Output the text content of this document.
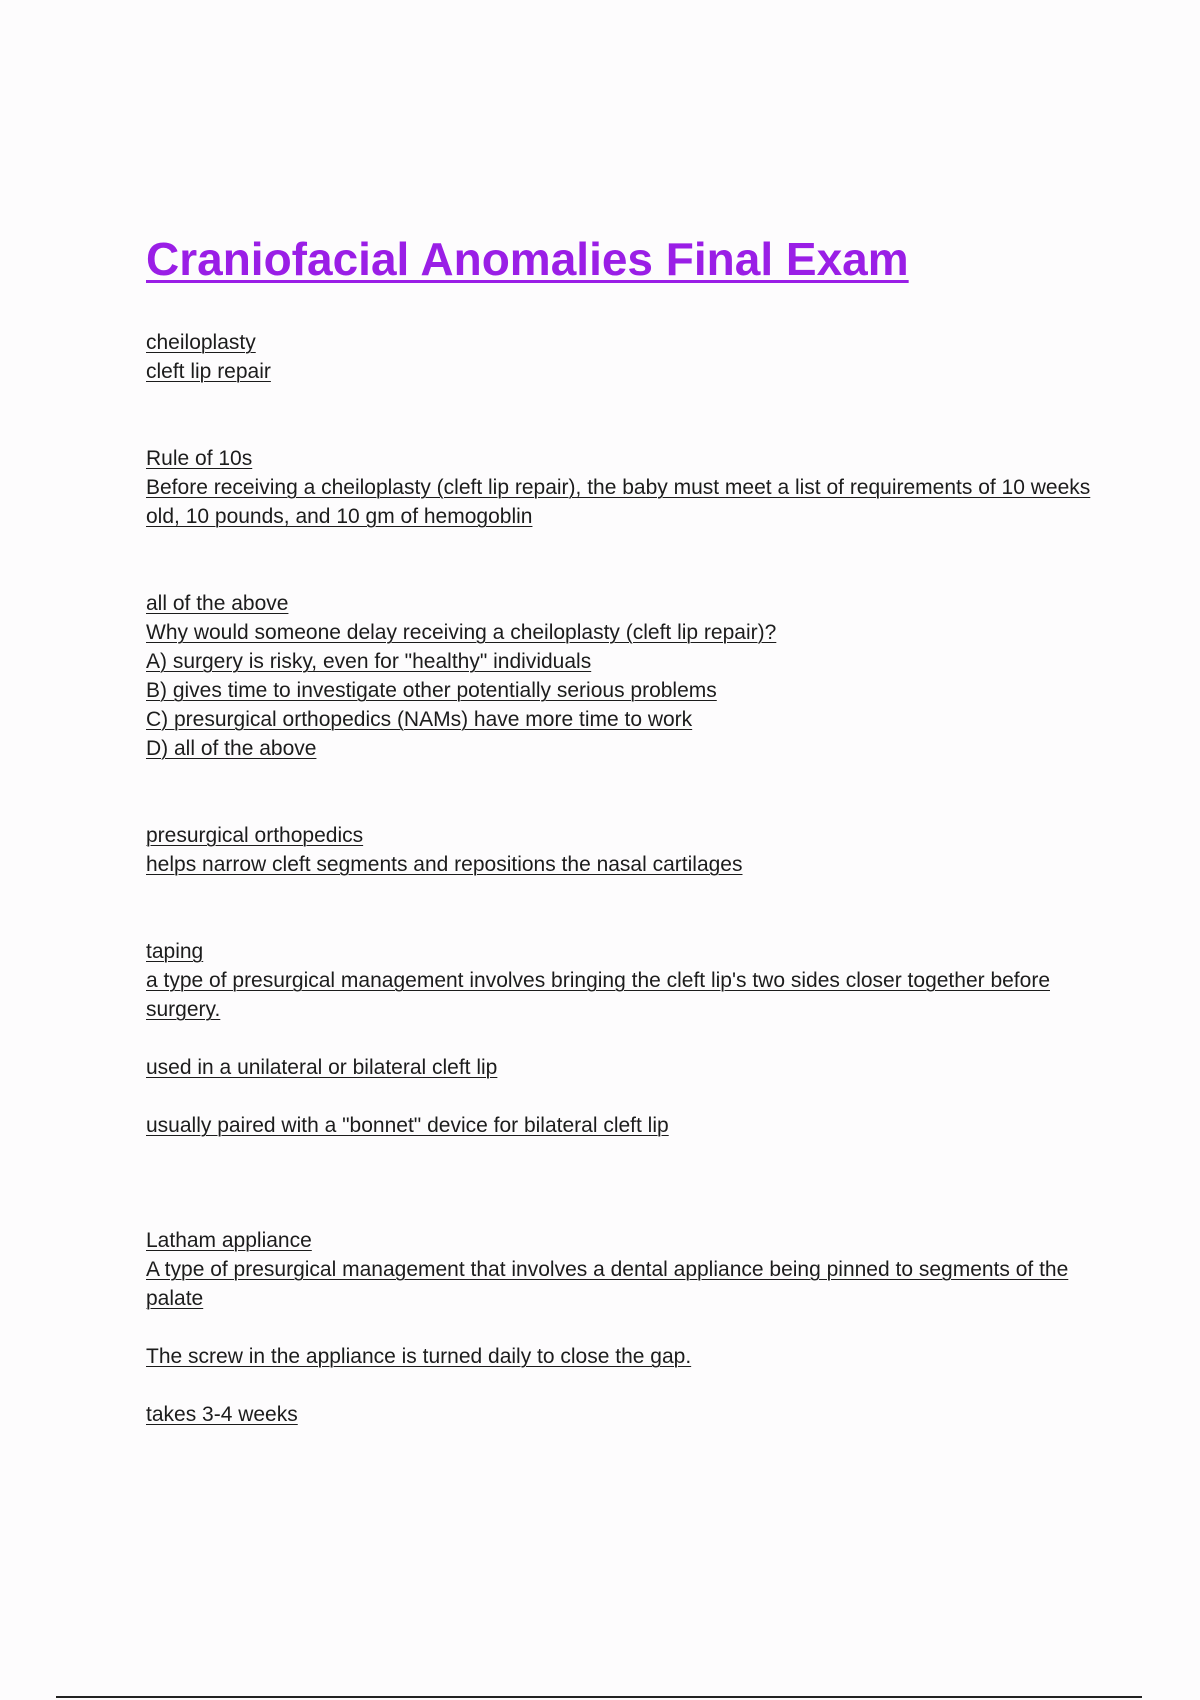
Craniofacial Anomalies Final Exam

cheiloplasty

cleft lip repair

Rule of 10s

Before receiving a cheiloplasty (cleft lip repair), the baby must meet a list of requirements of 10 weeks old, 10 pounds, and 10 gm of hemogoblin

all of the above

Why would someone delay receiving a cheiloplasty (cleft lip repair)?

A) surgery is risky, even for "healthy" individuals

B) gives time to investigate other potentially serious problems

C) presurgical orthopedics (NAMs) have more time to work

D) all of the above

presurgical orthopedics

helps narrow cleft segments and repositions the nasal cartilages

taping

a type of presurgical management involves bringing the cleft lip's two sides closer together before surgery.

used in a unilateral or bilateral cleft lip

usually paired with a "bonnet" device for bilateral cleft lip

Latham appliance

A type of presurgical management that involves a dental appliance being pinned to segments of the palate

The screw in the appliance is turned daily to close the gap.

takes 3-4 weeks
